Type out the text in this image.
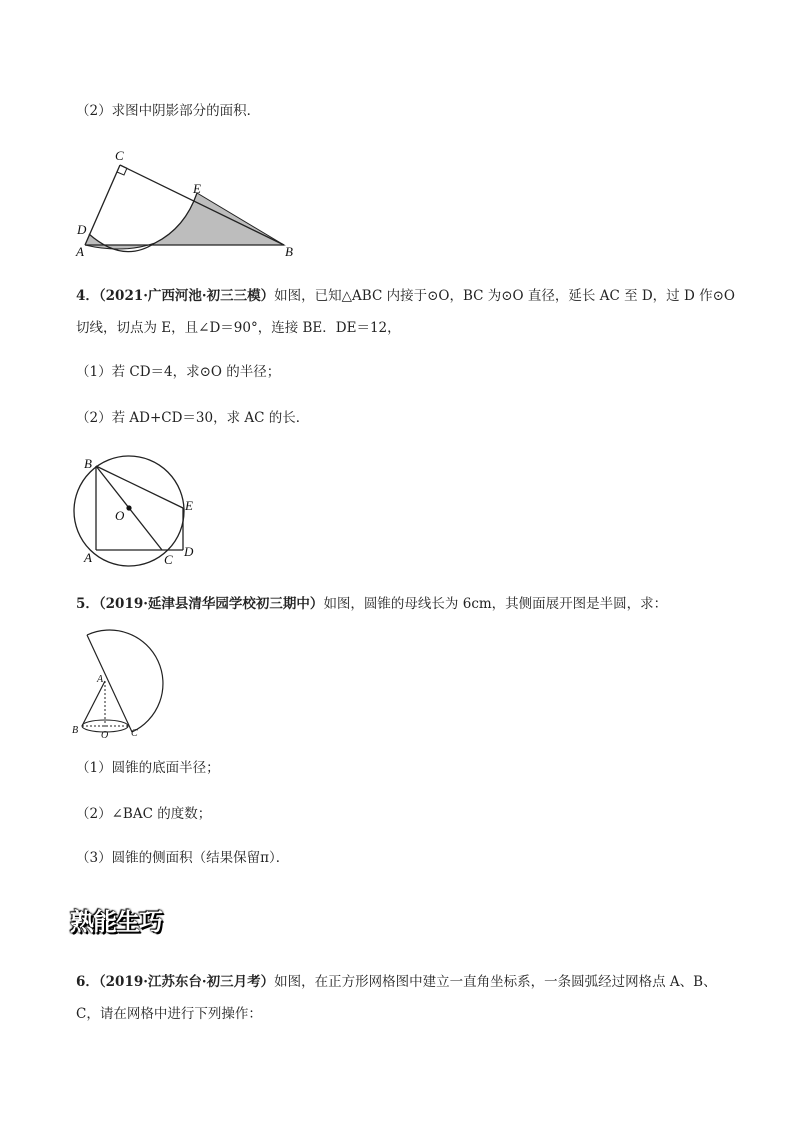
（2）求图中阴影部分的面积．
A	B
C
D
E
4．（2021·广西河池·初三三模）如图，已知△ABC 内接于⊙O，BC 为⊙O 直径，延长 AC 至 D，过 D 作⊙O
切线，切点为 E，且∠D＝90°，连接 BE．DE＝12，
（1）若 CD＝4，求⊙O 的半径；
（2）若 AD+CD＝30，求 AC 的长．
B
A	C
D
E
O
5．（2019·延津县清华园学校初三期中）如图，圆锥的母线长为 6cm，其侧面展开图是半圆，求：
A
B	C
O
（1）圆锥的底面半径；
（2）∠BAC 的度数；
（3）圆锥的侧面积（结果保留π）．
熟能生巧
6．（2019·江苏东台·初三月考）如图，在正方形网格图中建立一直角坐标系，一条圆弧经过网格点 A、B、
C，请在网格中进行下列操作：
